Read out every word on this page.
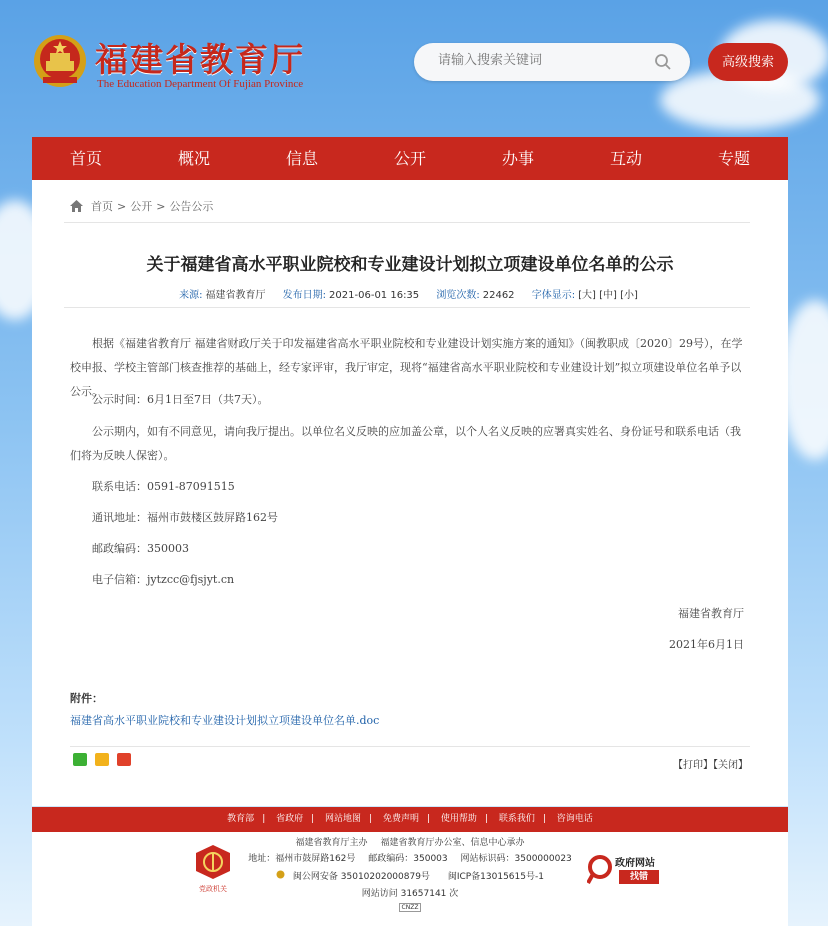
福建省教育厅
The Education Department Of Fujian Province
请输入搜索关键词
高级搜索
首页	概况	信息	公开	办事	互动	专题
首页 > 公开 > 公告公示
关于福建省高水平职业院校和专业建设计划拟立项建设单位名单的公示
来源: 福建省教育厅 发布日期: 2021-06-01 16:35 浏览次数: 22462 字体显示: [大] [中] [小]
根据《福建省教育厅 福建省财政厅关于印发福建省高水平职业院校和专业建设计划实施方案的通知》（闽教职成〔2020〕29号），在学校申报、学校主管部门核查推荐的基础上，经专家评审，我厅审定，现将“福建省高水平职业院校和专业建设计划”拟立项建设单位名单予以公示。
公示时间：6月1日至7日（共7天）。
公示期内，如有不同意见，请向我厅提出。以单位名义反映的应加盖公章，以个人名义反映的应署真实姓名、身份证号和联系电话（我们将为反映人保密）。
联系电话：0591-87091515
通讯地址：福州市鼓楼区鼓屏路162号
邮政编码：350003
电子信箱：jytzcc@fjsjyt.cn
福建省教育厅
2021年6月1日
附件：
福建省高水平职业院校和专业建设计划拟立项建设单位名单.doc
【打印】【关闭】
教育部 | 省政府 | 网站地图 | 免费声明 | 使用帮助 | 联系我们 | 咨询电话
党政机关
福建省教育厅主办 福建省教育厅办公室、信息中心承办
地址：福州市鼓屏路162号 邮政编码：350003 网站标识码：3500000023
闽公网安备 35010202000879号 闽ICP备13015615号-1
网站访问 31657141 次
CNZZ
政府网站
找错
